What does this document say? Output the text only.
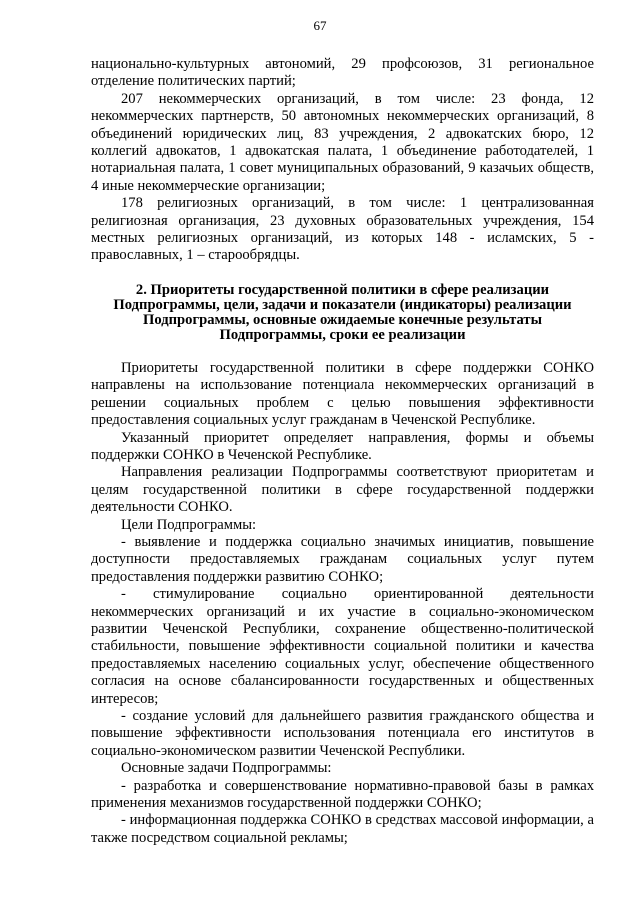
67

национально-культурных автономий, 29 профсоюзов, 31 региональное отделение политических партий;

207 некоммерческих организаций, в том числе: 23 фонда, 12 некоммерческих партнерств, 50 автономных некоммерческих организаций, 8 объединений юридических лиц, 83 учреждения, 2 адвокатских бюро, 12 коллегий адвокатов, 1 адвокатская палата, 1 объединение работодателей, 1 нотариальная палата, 1 совет муниципальных образований, 9 казачьих обществ, 4 иные некоммерческие организации;

178 религиозных организаций, в том числе: 1 централизованная религиозная организация, 23 духовных образовательных учреждения, 154 местных религиозных организаций, из которых 148 - исламских, 5 - православных, 1 – старообрядцы.

2. Приоритеты государственной политики в сфере реализации Подпрограммы, цели, задачи и показатели (индикаторы) реализации Подпрограммы, основные ожидаемые конечные результаты Подпрограммы, сроки ее реализации

Приоритеты государственной политики в сфере поддержки СОНКО направлены на использование потенциала некоммерческих организаций в решении социальных проблем с целью повышения эффективности предоставления социальных услуг гражданам в Чеченской Республике.

Указанный приоритет определяет направления, формы и объемы поддержки СОНКО в Чеченской Республике.

Направления реализации Подпрограммы соответствуют приоритетам и целям государственной политики в сфере государственной поддержки деятельности СОНКО.

Цели Подпрограммы:

- выявление и поддержка социально значимых инициатив, повышение доступности предоставляемых гражданам социальных услуг путем предоставления поддержки развитию СОНКО;

- стимулирование социально ориентированной деятельности некоммерческих организаций и их участие в социально-экономическом развитии Чеченской Республики, сохранение общественно-политической стабильности, повышение эффективности социальной политики и качества предоставляемых населению социальных услуг, обеспечение общественного согласия на основе сбалансированности государственных и общественных интересов;

- создание условий для дальнейшего развития гражданского общества и повышение эффективности использования потенциала его институтов в социально-экономическом развитии Чеченской Республики.

Основные задачи Подпрограммы:

- разработка и совершенствование нормативно-правовой базы в рамках применения механизмов государственной поддержки СОНКО;

- информационная поддержка СОНКО в средствах массовой информации, а также посредством социальной рекламы;
